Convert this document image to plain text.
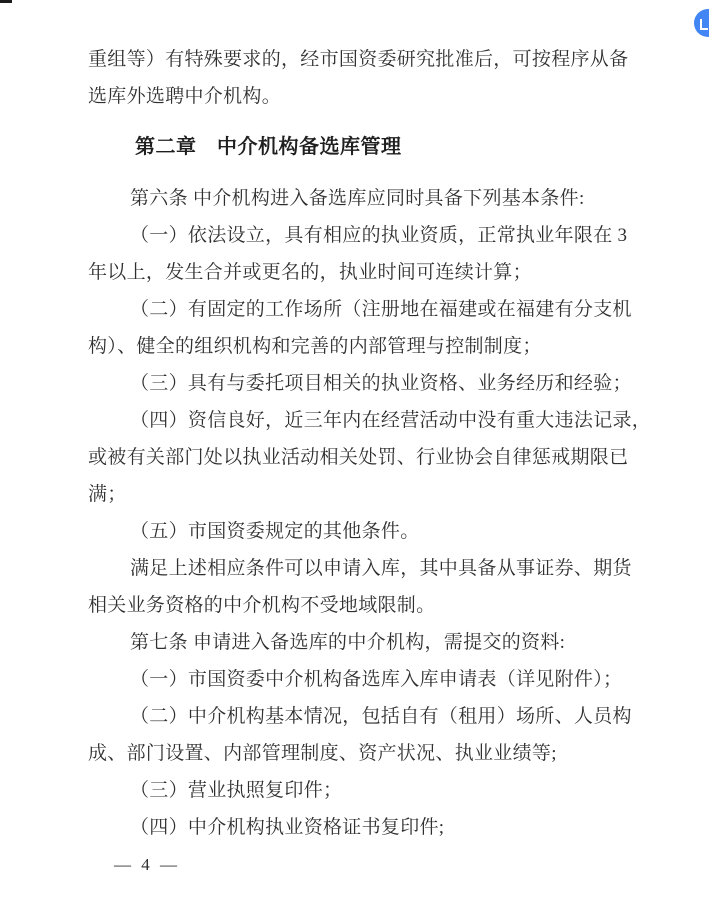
重组等）有特殊要求的，经市国资委研究批准后，可按程序从备
选库外选聘中介机构。
第二章　中介机构备选库管理
第六条 中介机构进入备选库应同时具备下列基本条件:
（一）依法设立，具有相应的执业资质，正常执业年限在 3
年以上，发生合并或更名的，执业时间可连续计算；
（二）有固定的工作场所（注册地在福建或在福建有分支机
构）、健全的组织机构和完善的内部管理与控制制度；
（三）具有与委托项目相关的执业资格、业务经历和经验；
（四）资信良好，近三年内在经营活动中没有重大违法记录，
或被有关部门处以执业活动相关处罚、行业协会自律惩戒期限已
满；
（五）市国资委规定的其他条件。
满足上述相应条件可以申请入库，其中具备从事证券、期货
相关业务资格的中介机构不受地域限制。
第七条 申请进入备选库的中介机构，需提交的资料:
（一）市国资委中介机构备选库入库申请表（详见附件）；
（二）中介机构基本情况，包括自有（租用）场所、人员构
成、部门设置、内部管理制度、资产状况、执业业绩等;
（三）营业执照复印件；
（四）中介机构执业资格证书复印件;
— 4 —
